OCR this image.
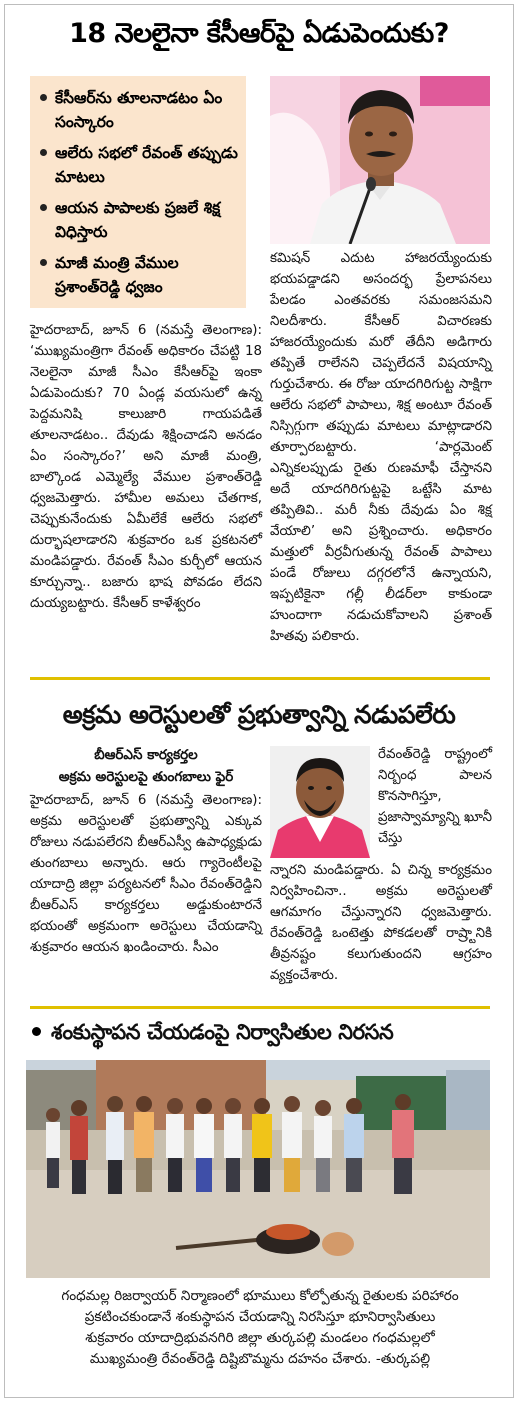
18 నెలలైనా కేసీఆర్‌పై ఏడుపెందుకు?
కేసీఆర్‌ను తూలనాడటం ఏం సంస్కారం
ఆలేరు సభలో రేవంత్ తప్పుడు మాటలు
ఆయన పాపాలకు ప్రజలే శిక్ష విధిస్తారు
మాజీ మంత్రి వేముల ప్రశాంత్‌రెడ్డి ధ్వజం
హైదరాబాద్, జూన్ 6 (నమస్తే తెలంగాణ): ‘ముఖ్యమంత్రిగా రేవంత్ అధికారం చేపట్టి 18 నెలలైనా మాజీ సీఎం కేసీఆర్‌పై ఇంకా ఏడుపెందుకు? 70 ఏండ్ల వయసులో ఉన్న పెద్దమనిషి కాలుజారి గాయపడితే తూలనాడటం.. దేవుడు శిక్షించాడని అనడం ఏం సంస్కారం?’ అని మాజీ మంత్రి, బాల్కొండ ఎమ్మెల్యే వేముల ప్రశాంత్‌రెడ్డి ధ్వజమెత్తారు. హామీల అమలు చేతగాక, చెప్పుకునేందుకు ఏమీలేకే ఆలేరు సభలో దుర్భాషలాడారని శుక్రవారం ఒక ప్రకటనలో మండిపడ్డారు. రేవంత్ సీఎం కుర్చీలో ఆయన కూర్చున్నా.. బజారు భాష పోవడం లేదని దుయ్యబట్టారు. కేసీఆర్ కాళేశ్వరం
కమిషన్ ఎదుట హాజరయ్యేందుకు భయపడ్డాడని అసందర్భ ప్రేలాపనలు పేలడం ఎంతవరకు సమంజసమని నిలదీశారు. కేసీఆర్ విచారణకు హాజరయ్యేందుకు మరో తేదీని అడిగారు తప్పితే రాలేనని చెప్పలేదనే విషయాన్ని గుర్తుచేశారు. ఈ రోజు యాదగిరిగుట్ట సాక్షిగా ఆలేరు సభలో పాపాలు, శిక్ష అంటూ రేవంత్ నిస్సిగ్గుగా తప్పుడు మాటలు మాట్లాడారని తూర్పారబట్టారు. ‘పార్లమెంట్ ఎన్నికలప్పుడు రైతు రుణమాఫీ చేస్తానని అదే యాదగిరిగుట్టపై ఒట్టేసి మాట తప్పితివి.. మరీ నీకు దేవుడు ఏం శిక్ష వేయాలి’ అని ప్రశ్నించారు. అధికారం మత్తులో వీర్రవీగుతున్న రేవంత్ పాపాలు పండే రోజులు దగ్గరలోనే ఉన్నాయని, ఇప్పటికైనా గల్లీ లీడర్‌లా కాకుండా హుందాగా నడుచుకోవాలని ప్రశాంత్ హితవు పలికారు.
అక్రమ అరెస్టులతో ప్రభుత్వాన్ని నడుపలేరు
బీఆర్‌ఎస్ కార్యకర్తల
అక్రమ అరెస్టులపై తుంగబాలు ఫైర్
హైదరాబాద్, జూన్ 6 (నమస్తే తెలంగాణ): అక్రమ అరెస్టులతో ప్రభుత్వాన్ని ఎక్కువ రోజులు నడుపలేరని బీఆర్‌ఎస్వీ ఉపాధ్యక్షుడు తుంగబాలు అన్నారు. ఆరు గ్యారెంటీలపై యాదాద్రి జిల్లా పర్యటనలో సీఎం రేవంత్‌రెడ్డిని బీఆర్‌ఎస్ కార్యకర్తలు అడ్డుకుంటారనే భయంతో అక్రమంగా అరెస్టులు చేయడాన్ని శుక్రవారం ఆయన ఖండించారు. సీఎం
రేవంత్‌రెడ్డి రాష్ట్రంలో నిర్బంధ పాలన కొనసాగిస్తూ, ప్రజాస్వామ్యాన్ని ఖూనీ చేస్తు
న్నారని మండిపడ్డారు. ఏ చిన్న కార్యక్రమం నిర్వహించినా.. అక్రమ అరెస్టులతో ఆగమాగం చేస్తున్నారని ధ్వజమెత్తారు. రేవంత్‌రెడ్డి ఒంటెత్తు పోకడలతో రాష్ర్టానికి తీవ్రనష్టం కలుగుతుందని ఆగ్రహం వ్యక్తంచేశారు.
శంకుస్థాపన చేయడంపై నిర్వాసితుల నిరసన
గంధమల్ల రిజర్వాయర్ నిర్మాణంలో భూములు కోల్పోతున్న రైతులకు పరిహారం
ప్రకటించకుండానే శంకుస్థాపన చేయడాన్ని నిరసిస్తూ భూనిర్వాసితులు
శుక్రవారం యాదాద్రిభువనగిరి జిల్లా తుర్కపల్లి మండలం గంధమల్లలో
ముఖ్యమంత్రి రేవంత్‌రెడ్డి దిష్టిబొమ్మను దహనం చేశారు. -తుర్కపల్లి
